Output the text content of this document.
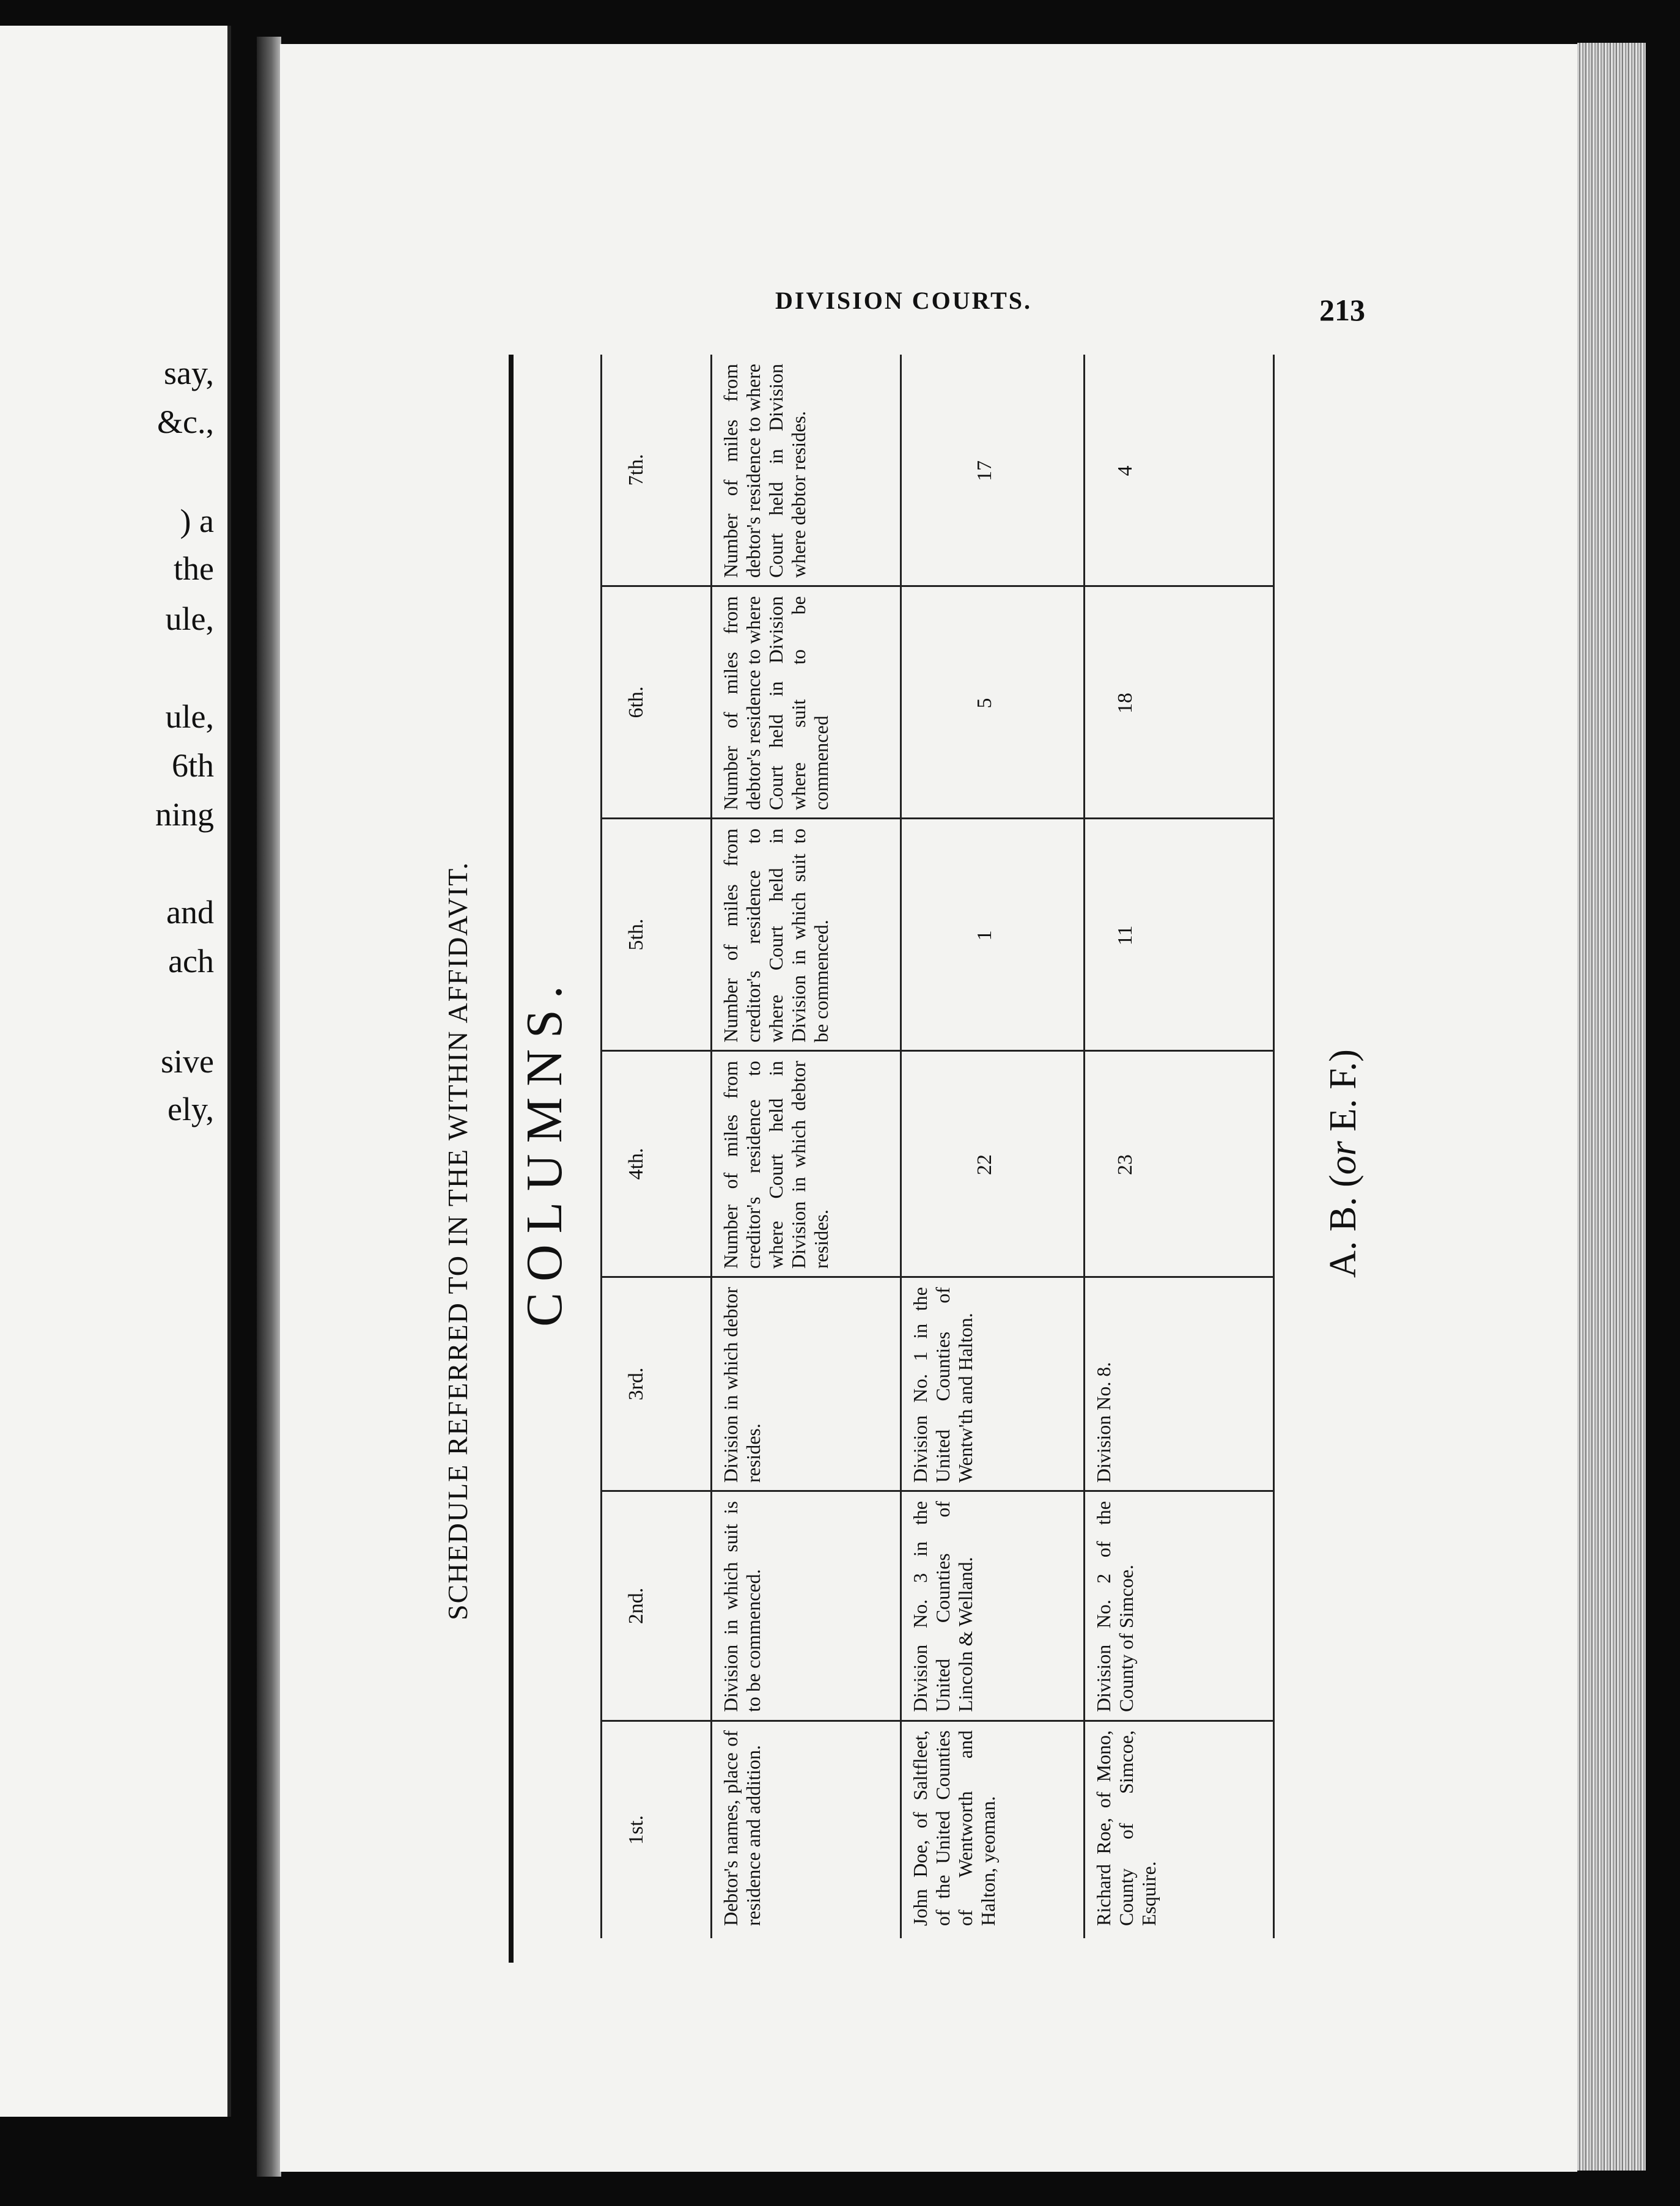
say,
&c.,
) a
the
ule,
ule,
6th
ning
and
ach
sive
ely,
DIVISION COURTS.	213
SCHEDULE REFERRED TO IN THE WITHIN AFFIDAVIT. COLUMNS.
1st.
2nd.
3rd.
4th.
5th.
6th.
7th.
Debtor's names, place of residence and addition.
Division in which suit is to be commenced.
Division in which debtor resides.
Number of miles from creditor's residence to where Court held in Division in which debtor resides.
Number of miles from creditor's residence to where Court held in Division in which suit to be commenced.
Number of miles from debtor's residence to where Court held in Division where suit to be commenced
Number of miles from debtor's residence to where Court held in Division where debtor resides.
John Doe, of Saltfleet, of the United Counties of Wentworth and Halton, yeoman.
Division No. 3 in the United Counties of Lincoln & Welland.
Division No. 1 in the United Counties of Wentw'th and Halton.
22
1
5
17
Richard Roe, of Mono, County of Simcoe, Esquire.
Division No. 2 of the County of Simcoe.
Division No. 8.
23
11
18
4
A. B. (or E. F.)
